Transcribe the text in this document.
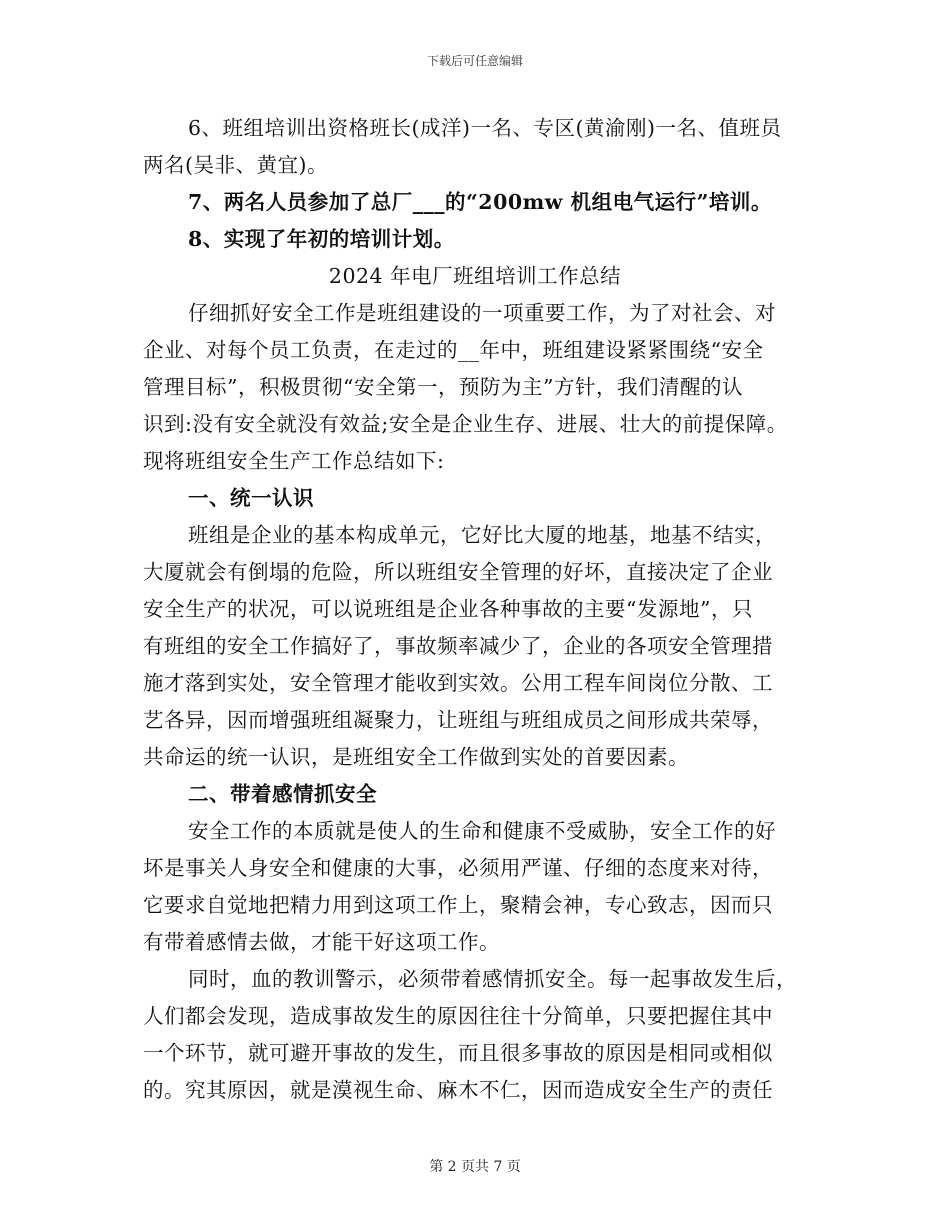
下载后可任意编辑
6、班组培训出资格班长(成洋)一名、专区(黄渝刚)一名、值班员
两名(吴非、黄宜)。
7、两名人员参加了总厂___的“200mw 机组电气运行”培训。
8、实现了年初的培训计划。
2024 年电厂班组培训工作总结
仔细抓好安全工作是班组建设的一项重要工作，为了对社会、对
企业、对每个员工负责，在走过的__年中，班组建设紧紧围绕“安全
管理目标”，积极贯彻“安全第一，预防为主”方针，我们清醒的认
识到:没有安全就没有效益;安全是企业生存、进展、壮大的前提保障。
现将班组安全生产工作总结如下:
一、统一认识
班组是企业的基本构成单元，它好比大厦的地基，地基不结实，
大厦就会有倒塌的危险，所以班组安全管理的好坏，直接决定了企业
安全生产的状况，可以说班组是企业各种事故的主要“发源地”，只
有班组的安全工作搞好了，事故频率减少了，企业的各项安全管理措
施才落到实处，安全管理才能收到实效。公用工程车间岗位分散、工
艺各异，因而增强班组凝聚力，让班组与班组成员之间形成共荣辱，
共命运的统一认识，是班组安全工作做到实处的首要因素。
二、带着感情抓安全
安全工作的本质就是使人的生命和健康不受威胁，安全工作的好
坏是事关人身安全和健康的大事，必须用严谨、仔细的态度来对待，
它要求自觉地把精力用到这项工作上，聚精会神，专心致志，因而只
有带着感情去做，才能干好这项工作。
同时，血的教训警示，必须带着感情抓安全。每一起事故发生后，
人们都会发现，造成事故发生的原因往往十分简单，只要把握住其中
一个环节，就可避开事故的发生，而且很多事故的原因是相同或相似
的。究其原因，就是漠视生命、麻木不仁，因而造成安全生产的责任
第 2 页共 7 页
